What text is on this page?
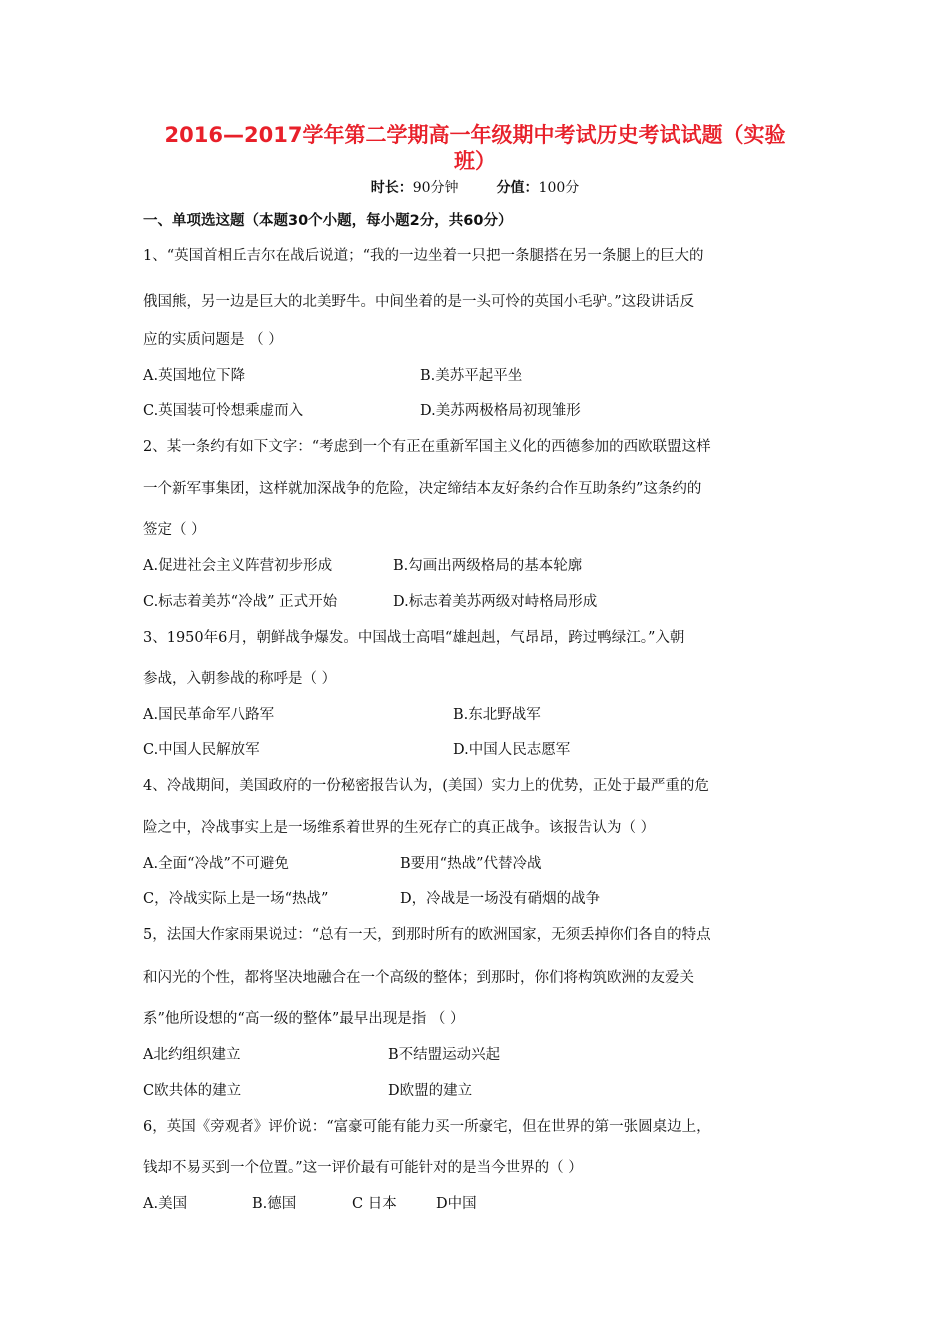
2016—2017学年第二学期高一年级期中考试历史考试试题（实验
班）
时长：90分钟	分值：100分
一、单项选这题（本题30个小题，每小题2分，共60分）
1、“英国首相丘吉尔在战后说道；“我的一边坐着一只把一条腿搭在另一条腿上的巨大的
俄国熊，另一边是巨大的北美野牛。中间坐着的是一头可怜的英国小毛驴。”这段讲话反
应的实质问题是 （ ）
A.英国地位下降	B.美苏平起平坐
C.英国装可怜想乘虚而入	D.美苏两极格局初现雏形
2、某一条约有如下文字：“考虑到一个有正在重新军国主义化的西德参加的西欧联盟这样
一个新军事集团，这样就加深战争的危险，决定缔结本友好条约合作互助条约”这条约的
签定（ ）
A.促进社会主义阵营初步形成	B.勾画出两级格局的基本轮廓
C.标志着美苏“冷战” 正式开始	D.标志着美苏两级对峙格局形成
3、1950年6月，朝鲜战争爆发。中国战士高唱“雄赳赳，气昂昂，跨过鸭绿江。”入朝
参战，入朝参战的称呼是（ ）
A.国民革命军八路军	B.东北野战军
C.中国人民解放军	D.中国人民志愿军
4、冷战期间，美国政府的一份秘密报告认为，(美国）实力上的优势，正处于最严重的危
险之中，冷战事实上是一场维系着世界的生死存亡的真正战争。该报告认为（ ）
A.全面“冷战”不可避免	B要用“热战”代替冷战
C，冷战实际上是一场“热战”	D，冷战是一场没有硝烟的战争
5，法国大作家雨果说过：“总有一天，到那时所有的欧洲国家，无须丢掉你们各自的特点
和闪光的个性，都将坚决地融合在一个高级的整体；到那时，你们将构筑欧洲的友爱关
系”他所设想的“高一级的整体”最早出现是指 （ ）
A北约组织建立	B不结盟运动兴起
C欧共体的建立	D欧盟的建立
6，英国《旁观者》评价说：“富豪可能有能力买一所豪宅，但在世界的第一张圆桌边上，
钱却不易买到一个位置。”这一评价最有可能针对的是当今世界的（ ）
A.美国	B.德国	C 日本	D中国
